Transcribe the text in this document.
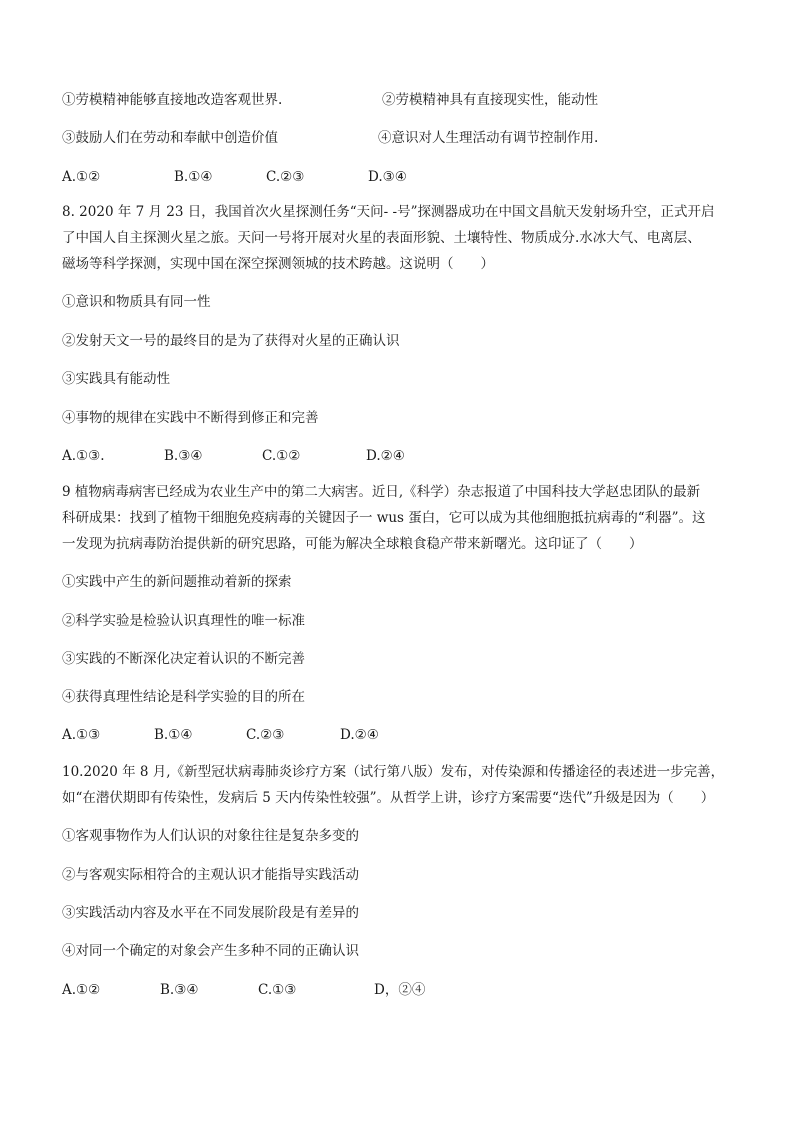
①劳模精神能够直接地改造客观世界.	②劳模精神具有直接现实性，能动性
③鼓励人们在劳动和奉献中创造价值	④意识对人生理活动有调节控制作用.
A.①②	B.①④	C.②③	D.③④
8. 2020 年 7 月 23 日，我国首次火星探测任务“天问- -号”探测器成功在中国文昌航天发射场升空，正式开启
了中国人自主探测火星之旅。天问一号将开展对火星的表面形貌、土壤特性、物质成分.水冰大气、电离层、
磁场等科学探测，实现中国在深空探测领城的技术跨越。这说明（　　）
①意识和物质具有同一性
②发射天文一号的最终目的是为了获得对火星的正确认识
③实践具有能动性
④事物的规律在实践中不断得到修正和完善
A.①③.	B.③④	C.①②	D.②④
9 植物病毒病害已经成为农业生产中的第二大病害。近日,《科学）杂志报道了中国科技大学赵忠团队的最新
科研成果：找到了植物干细胞免疫病毒的关键因子一 wus 蛋白，它可以成为其他细胞抵抗病毒的“利器”。这
一发现为抗病毒防治提供新的研究思路，可能为解决全球粮食稳产带来新曙光。这印证了（　　）
①实践中产生的新问题推动着新的探索
②科学实验是检验认识真理性的唯一标准
③实践的不断深化决定着认识的不断完善
④获得真理性结论是科学实验的目的所在
A.①③	B.①④	C.②③	D.②④
10.2020 年 8 月,《新型冠状病毒肺炎诊疗方案（试行第八版）发布，对传染源和传播途径的表述进一步完善，
如“在潜伏期即有传染性，发病后 5 天内传染性较强”。从哲学上讲，诊疗方案需要“迭代”升级是因为（　　）
①客观事物作为人们认识的对象往往是复杂多变的
②与客观实际相符合的主观认识才能指导实践活动
③实践活动内容及水平在不同发展阶段是有差异的
④对同一个确定的对象会产生多种不同的正确认识
A.①②	B.③④	C.①③	D，②④
